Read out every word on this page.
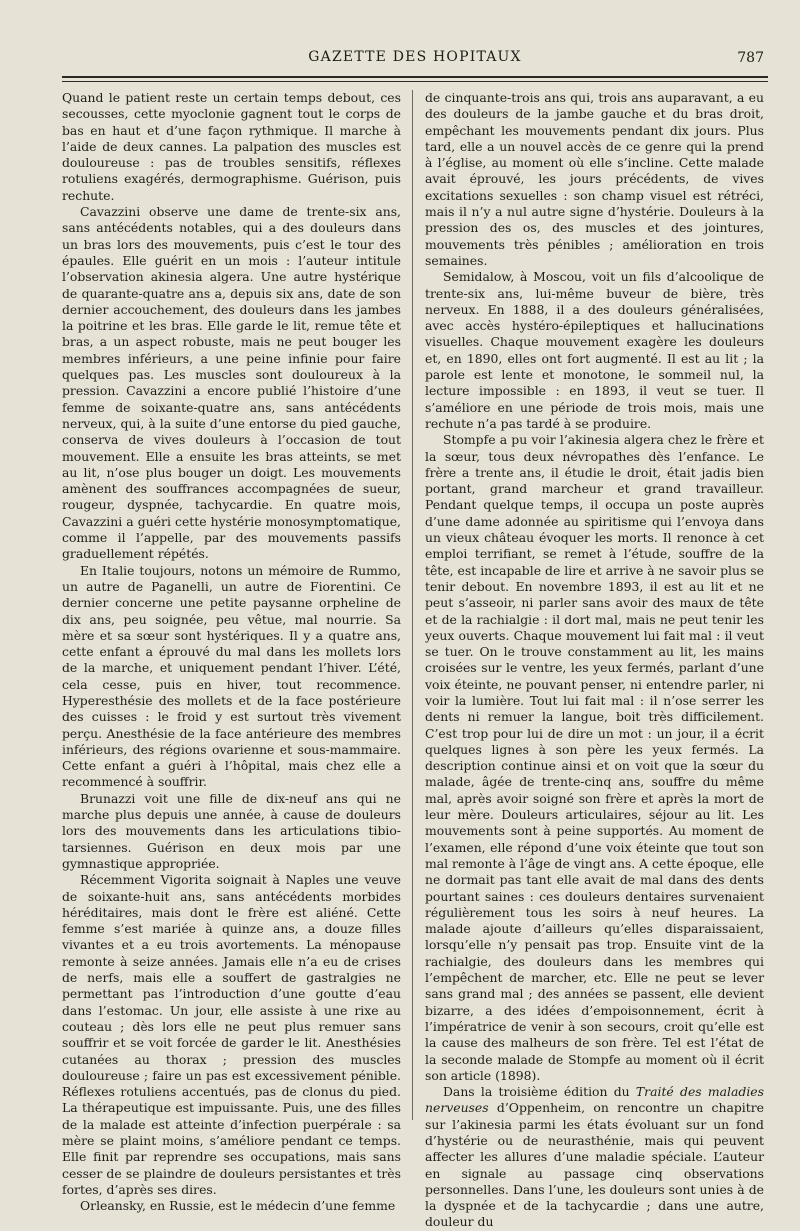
GAZETTE DES HOPITAUX	787

Quand le patient reste un certain temps debout, ces secousses, cette myoclonie gagnent tout le corps de bas en haut et d’une façon rythmique. Il marche à l’aide de deux cannes. La palpation des muscles est douloureuse : pas de troubles sensitifs, réflexes rotuliens exagérés, dermographisme. Guérison, puis rechute.

Cavazzini observe une dame de trente-six ans, sans antécédents notables, qui a des douleurs dans un bras lors des mouvements, puis c’est le tour des épaules. Elle guérit en un mois : l’auteur intitule l’observation akinesia algera. Une autre hystérique de quarante-quatre ans a, depuis six ans, date de son dernier accouchement, des douleurs dans les jambes la poitrine et les bras. Elle garde le lit, remue tête et bras, a un aspect robuste, mais ne peut bouger les membres inférieurs, a une peine infinie pour faire quelques pas. Les muscles sont douloureux à la pression. Cavazzini a encore publié l’histoire d’une femme de soixante-quatre ans, sans antécédents nerveux, qui, à la suite d’une entorse du pied gauche, conserva de vives douleurs à l’occasion de tout mouvement. Elle a ensuite les bras atteints, se met au lit, n’ose plus bouger un doigt. Les mouvements amènent des souffrances accompagnées de sueur, rougeur, dyspnée, tachycardie. En quatre mois, Cavazzini a guéri cette hystérie monosymptomatique, comme il l’appelle, par des mouvements passifs graduellement répétés.

En Italie toujours, notons un mémoire de Rummo, un autre de Paganelli, un autre de Fiorentini. Ce dernier concerne une petite paysanne orpheline de dix ans, peu soignée, peu vêtue, mal nourrie. Sa mère et sa sœur sont hystériques. Il y a quatre ans, cette enfant a éprouvé du mal dans les mollets lors de la marche, et uniquement pendant l’hiver. L’été, cela cesse, puis en hiver, tout recommence. Hyperesthésie des mollets et de la face postérieure des cuisses : le froid y est surtout très vivement perçu. Anesthésie de la face antérieure des membres inférieurs, des régions ovarienne et sous-mammaire. Cette enfant a guéri à l’hôpital, mais chez elle a recommencé à souffrir.

Brunazzi voit une fille de dix-neuf ans qui ne marche plus depuis une année, à cause de douleurs lors des mouvements dans les articulations tibio-tarsiennes. Guérison en deux mois par une gymnastique appropriée.

Récemment Vigorita soignait à Naples une veuve de soixante-huit ans, sans antécédents morbides héréditaires, mais dont le frère est aliéné. Cette femme s’est mariée à quinze ans, a douze filles vivantes et a eu trois avortements. La ménopause remonte à seize années. Jamais elle n’a eu de crises de nerfs, mais elle a souffert de gastralgies ne permettant pas l’introduction d’une goutte d’eau dans l’estomac. Un jour, elle assiste à une rixe au couteau ; dès lors elle ne peut plus remuer sans souffrir et se voit forcée de garder le lit. Anesthésies cutanées au thorax ; pression des muscles douloureuse ; faire un pas est excessivement pénible. Réflexes rotuliens accentués, pas de clonus du pied. La thérapeutique est impuissante. Puis, une des filles de la malade est atteinte d’infection puerpérale : sa mère se plaint moins, s’améliore pendant ce temps. Elle finit par reprendre ses occupations, mais sans cesser de se plaindre de douleurs persistantes et très fortes, d’après ses dires.

Orleansky, en Russie, est le médecin d’une femme

de cinquante-trois ans qui, trois ans auparavant, a eu des douleurs de la jambe gauche et du bras droit, empêchant les mouvements pendant dix jours. Plus tard, elle a un nouvel accès de ce genre qui la prend à l’église, au moment où elle s’incline. Cette malade avait éprouvé, les jours précédents, de vives excitations sexuelles : son champ visuel est rétréci, mais il n’y a nul autre signe d’hystérie. Douleurs à la pression des os, des muscles et des jointures, mouvements très pénibles ; amélioration en trois semaines.

Semidalow, à Moscou, voit un fils d’alcoolique de trente-six ans, lui-même buveur de bière, très nerveux. En 1888, il a des douleurs généralisées, avec accès hystéro-épileptiques et hallucinations visuelles. Chaque mouvement exagère les douleurs et, en 1890, elles ont fort augmenté. Il est au lit ; la parole est lente et monotone, le sommeil nul, la lecture impossible : en 1893, il veut se tuer. Il s’améliore en une période de trois mois, mais une rechute n’a pas tardé à se produire.

Stompfe a pu voir l’akinesia algera chez le frère et la sœur, tous deux névropathes dès l’enfance. Le frère a trente ans, il étudie le droit, était jadis bien portant, grand marcheur et grand travailleur. Pendant quelque temps, il occupa un poste auprès d’une dame adonnée au spiritisme qui l’envoya dans un vieux château évoquer les morts. Il renonce à cet emploi terrifiant, se remet à l’étude, souffre de la tête, est incapable de lire et arrive à ne savoir plus se tenir debout. En novembre 1893, il est au lit et ne peut s’asseoir, ni parler sans avoir des maux de tête et de la rachialgie : il dort mal, mais ne peut tenir les yeux ouverts. Chaque mouvement lui fait mal : il veut se tuer. On le trouve constamment au lit, les mains croisées sur le ventre, les yeux fermés, parlant d’une voix éteinte, ne pouvant penser, ni entendre parler, ni voir la lumière. Tout lui fait mal : il n’ose serrer les dents ni remuer la langue, boit très difficilement. C’est trop pour lui de dire un mot : un jour, il a écrit quelques lignes à son père les yeux fermés. La description continue ainsi et on voit que la sœur du malade, âgée de trente-cinq ans, souffre du même mal, après avoir soigné son frère et après la mort de leur mère. Douleurs articulaires, séjour au lit. Les mouvements sont à peine supportés. Au moment de l’examen, elle répond d’une voix éteinte que tout son mal remonte à l’âge de vingt ans. A cette époque, elle ne dormait pas tant elle avait de mal dans des dents pourtant saines : ces douleurs dentaires survenaient régulièrement tous les soirs à neuf heures. La malade ajoute d’ailleurs qu’elles disparaissaient, lorsqu’elle n’y pensait pas trop. Ensuite vint de la rachialgie, des douleurs dans les membres qui l’empêchent de marcher, etc. Elle ne peut se lever sans grand mal ; des années se passent, elle devient bizarre, a des idées d’empoisonnement, écrit à l’impératrice de venir à son secours, croit qu’elle est la cause des malheurs de son frère. Tel est l’état de la seconde malade de Stompfe au moment où il écrit son article (1898).

Dans la troisième édition du Traité des maladies nerveuses d’Oppenheim, on rencontre un chapitre sur l’akinesia parmi les états évoluant sur un fond d’hystérie ou de neurasthénie, mais qui peuvent affecter les allures d’une maladie spéciale. L’auteur en signale au passage cinq observations personnelles. Dans l’une, les douleurs sont unies à de la dyspnée et de la tachycardie ; dans une autre, douleur du
